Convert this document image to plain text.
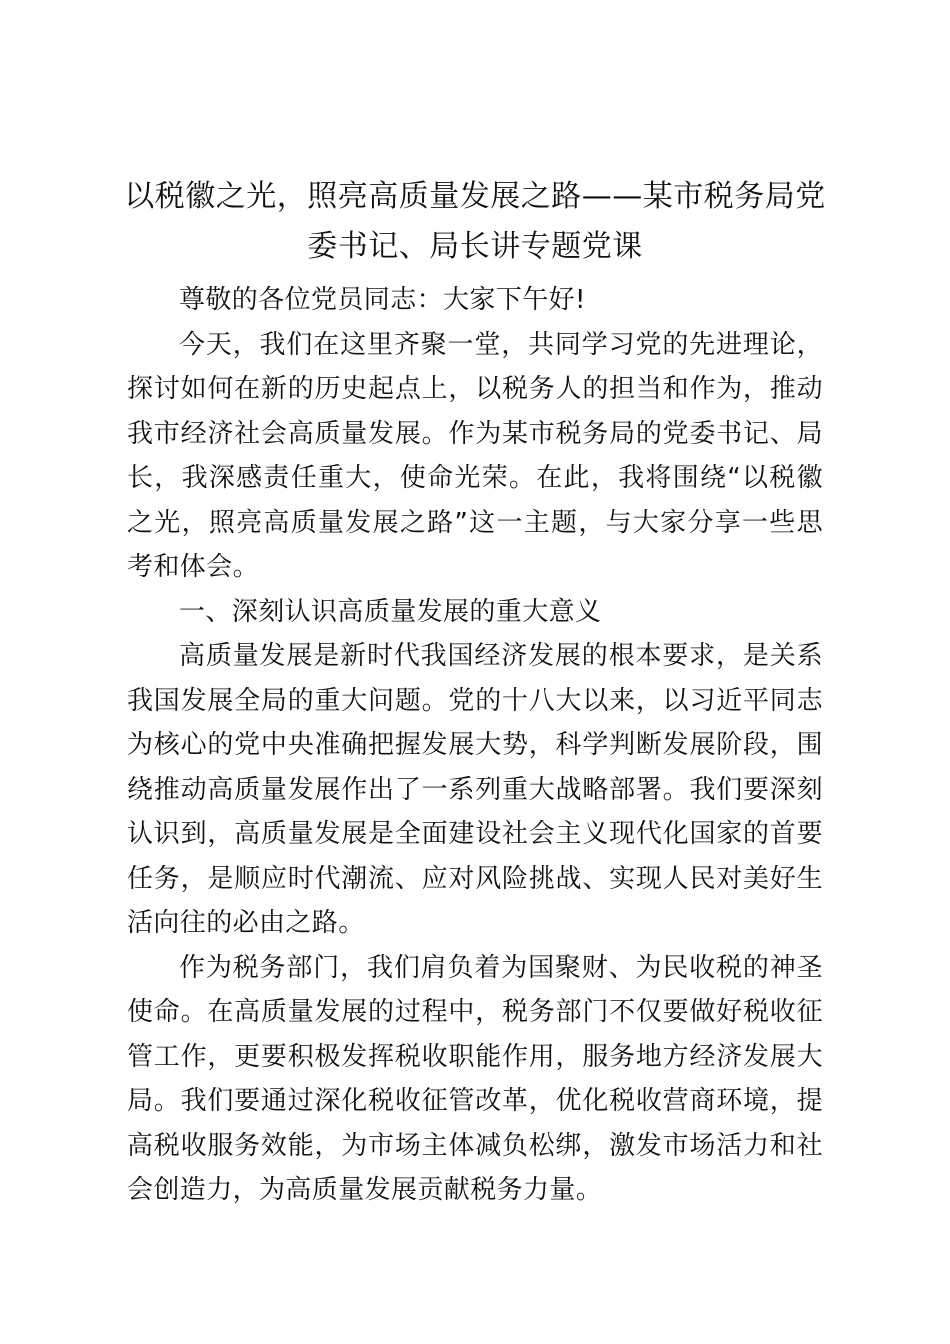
以税徽之光，照亮高质量发展之路——某市税务局党委书记、局长讲专题党课

尊敬的各位党员同志：大家下午好!

今天，我们在这里齐聚一堂，共同学习党的先进理论，探讨如何在新的历史起点上，以税务人的担当和作为，推动我市经济社会高质量发展。作为某市税务局的党委书记、局长，我深感责任重大，使命光荣。在此，我将围绕“以税徽之光，照亮高质量发展之路”这一主题，与大家分享一些思考和体会。

一、深刻认识高质量发展的重大意义

高质量发展是新时代我国经济发展的根本要求，是关系我国发展全局的重大问题。党的十八大以来，以习近平同志为核心的党中央准确把握发展大势，科学判断发展阶段，围绕推动高质量发展作出了一系列重大战略部署。我们要深刻认识到，高质量发展是全面建设社会主义现代化国家的首要任务，是顺应时代潮流、应对风险挑战、实现人民对美好生活向往的必由之路。

作为税务部门，我们肩负着为国聚财、为民收税的神圣使命。在高质量发展的过程中，税务部门不仅要做好税收征管工作，更要积极发挥税收职能作用，服务地方经济发展大局。我们要通过深化税收征管改革，优化税收营商环境，提高税收服务效能，为市场主体减负松绑，激发市场活力和社会创造力，为高质量发展贡献税务力量。
